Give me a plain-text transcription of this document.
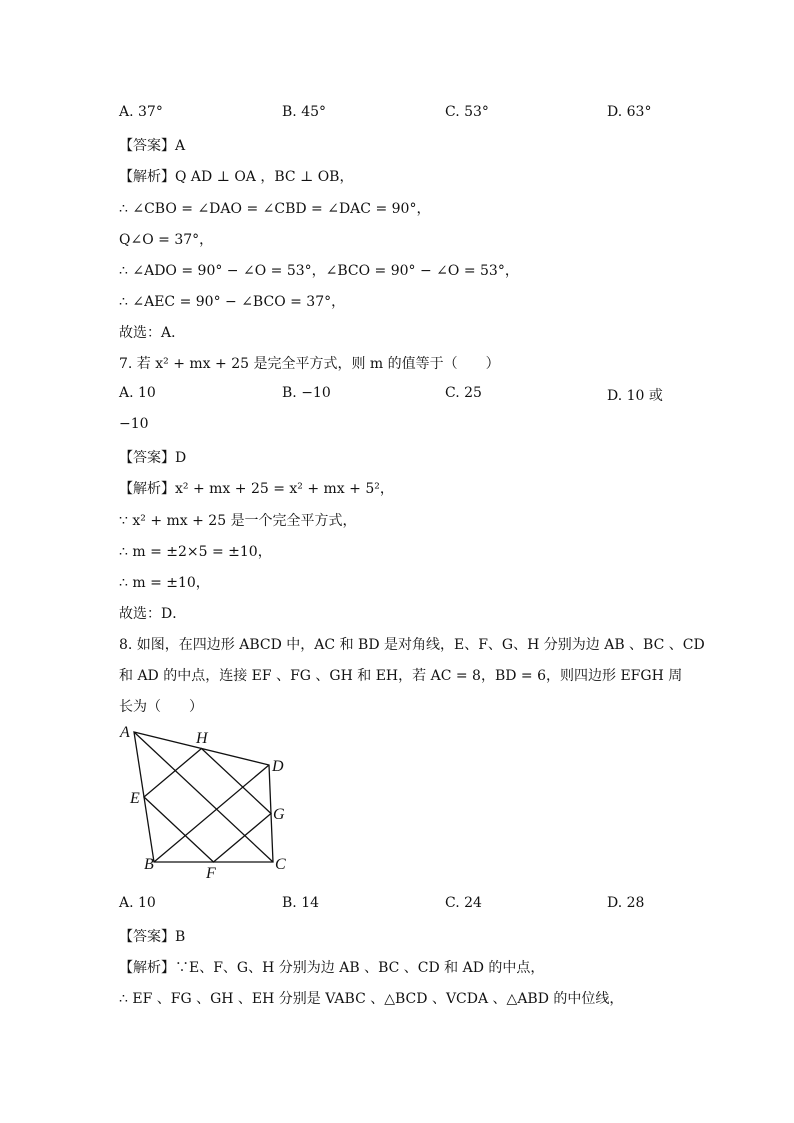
A. 37°	B. 45°	C. 53°	D. 63°
【答案】A
【解析】Q AD ⊥ OA ，BC ⊥ OB，
∴ ∠CBO = ∠DAO = ∠CBD = ∠DAC = 90°，
Q∠O = 37°，
∴ ∠ADO = 90° − ∠O = 53°，∠BCO = 90° − ∠O = 53°，
∴ ∠AEC = 90° − ∠BCO = 37°，
故选：A．
7. 若 x² + mx + 25 是完全平方式，则 m 的值等于（　　）
A. 10	B. −10	C. 25	D. 10 或
−10
【答案】D
【解析】x² + mx + 25 = x² + mx + 5²，
∵ x² + mx + 25 是一个完全平方式，
∴ m = ±2×5 = ±10，
∴ m = ±10，
故选：D．
8. 如图，在四边形 ABCD 中，AC 和 BD 是对角线，E、F、G、H 分别为边 AB 、BC 、CD
和 AD 的中点，连接 EF 、FG 、GH 和 EH，若 AC = 8，BD = 6，则四边形 EFGH 周
长为（　　）
A	H
D
E
G
B
F
C
A. 10	B. 14	C. 24	D. 28
【答案】B
【解析】∵E、F、G、H 分别为边 AB 、BC 、CD 和 AD 的中点，
∴ EF 、FG 、GH 、EH 分别是 VABC 、△BCD 、VCDA 、△ABD 的中位线，
